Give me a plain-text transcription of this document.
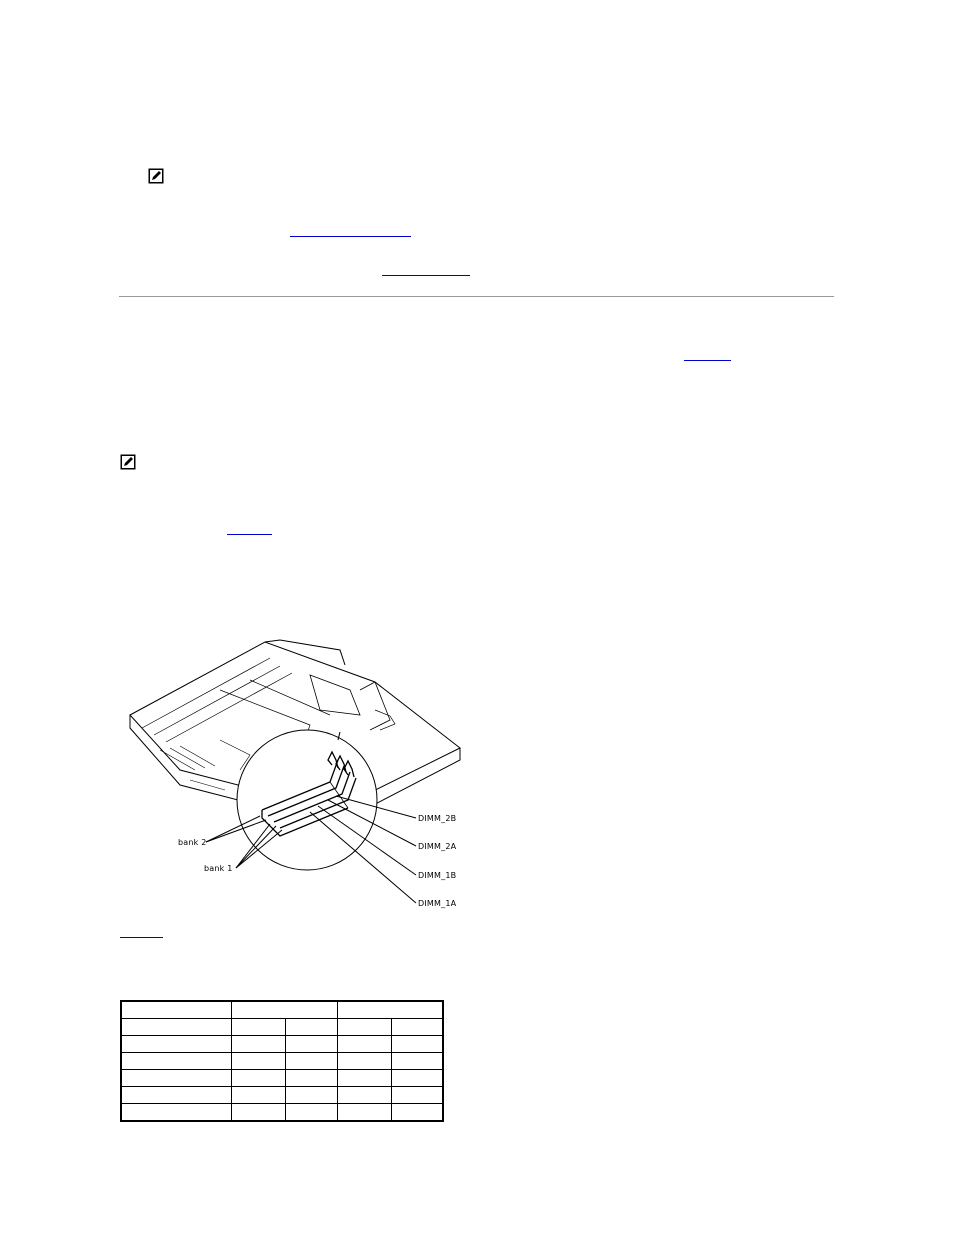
bank 2
bank 1
DIMM_2B
DIMM_2A
DIMM_1B
DIMM_1A
